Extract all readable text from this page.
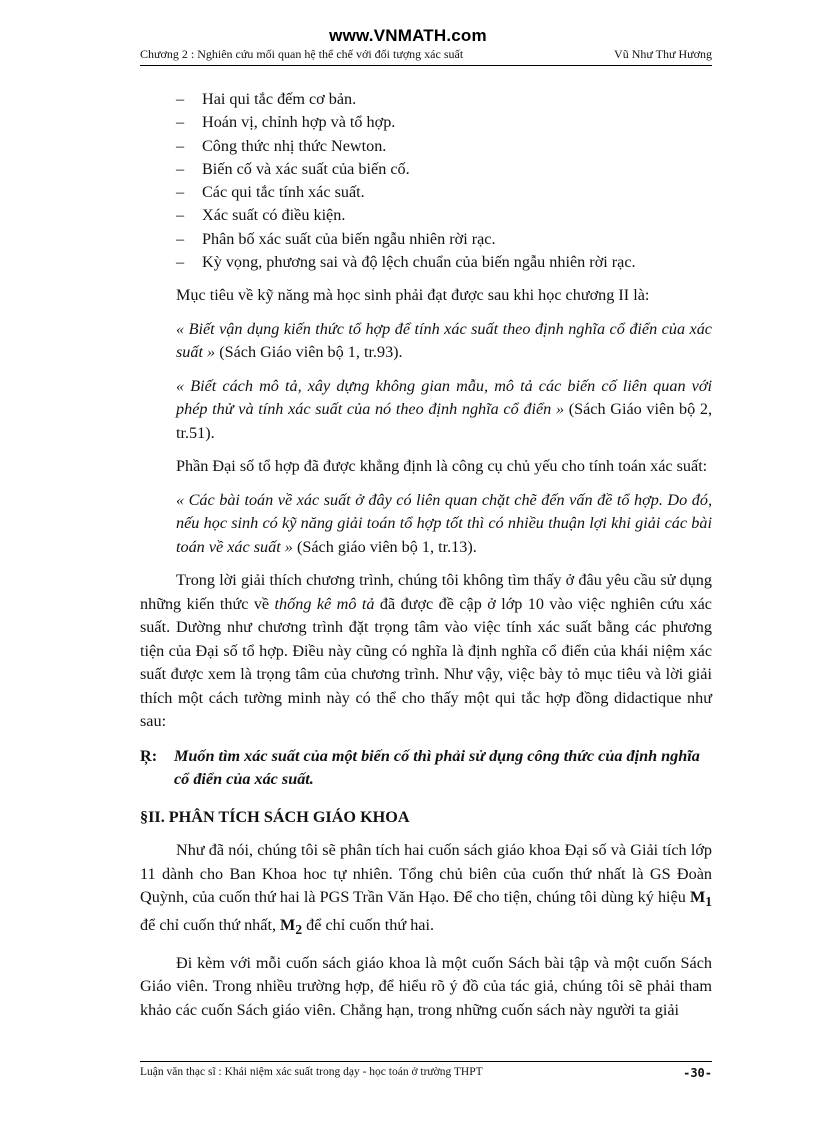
www.VNMATH.com
Chương 2 : Nghiên cứu mối quan hệ thể chế với đối tượng xác suất	Vũ Như Thư Hương
– Hai qui tắc đếm cơ bản.
– Hoán vị, chỉnh hợp và tổ hợp.
– Công thức nhị thức Newton.
– Biến cố và xác suất của biến cố.
– Các qui tắc tính xác suất.
– Xác suất có điều kiện.
– Phân bố xác suất của biến ngẫu nhiên rời rạc.
– Kỳ vọng, phương sai và độ lệch chuẩn của biến ngẫu nhiên rời rạc.

Mục tiêu về kỹ năng mà học sinh phải đạt được sau khi học chương II là:

« Biết vận dụng kiến thức tổ hợp để tính xác suất theo định nghĩa cổ điển của xác suất » (Sách Giáo viên bộ 1, tr.93).

« Biết cách mô tả, xây dựng không gian mẫu, mô tả các biến cố liên quan với phép thử và tính xác suất của nó theo định nghĩa cổ điển » (Sách Giáo viên bộ 2, tr.51).

Phần Đại số tổ hợp đã được khẳng định là công cụ chủ yếu cho tính toán xác suất:

« Các bài toán về xác suất ở đây có liên quan chặt chẽ đến vấn đề tổ hợp. Do đó, nếu học sinh có kỹ năng giải toán tổ hợp tốt thì có nhiều thuận lợi khi giải các bài toán về xác suất » (Sách giáo viên bộ 1, tr.13).

Trong lời giải thích chương trình, chúng tôi không tìm thấy ở đâu yêu cầu sử dụng những kiến thức về thống kê mô tả đã được đề cập ở lớp 10 vào việc nghiên cứu xác suất. Dường như chương trình đặt trọng tâm vào việc tính xác suất bằng các phương tiện của Đại số tổ hợp. Điều này cũng có nghĩa là định nghĩa cổ điển của khái niệm xác suất được xem là trọng tâm của chương trình. Như vậy, việc bày tỏ mục tiêu và lời giải thích một cách tường minh này có thể cho thấy một qui tắc hợp đồng didactique như sau:

Ŗ:	Muốn tìm xác suất của một biến cố thì phải sử dụng công thức của định nghĩa cổ điển của xác suất.
§II. PHÂN TÍCH SÁCH GIÁO KHOA

Như đã nói, chúng tôi sẽ phân tích hai cuốn sách giáo khoa Đại số và Giải tích lớp 11 dành cho Ban Khoa hoc tự nhiên. Tổng chủ biên của cuốn thứ nhất là GS Đoàn Quỳnh, của cuốn thứ hai là PGS Trần Văn Hạo. Để cho tiện, chúng tôi dùng ký hiệu $M_1$ để chỉ cuốn thứ nhất, $M_2$ để chỉ cuốn thứ hai.

Đi kèm với mỗi cuốn sách giáo khoa là một cuốn Sách bài tập và một cuốn Sách Giáo viên. Trong nhiều trường hợp, để hiểu rõ ý đồ của tác giả, chúng tôi sẽ phải tham khảo các cuốn Sách giáo viên. Chẳng hạn, trong những cuốn sách này người ta giải

Luận văn thạc sĩ : Khái niệm xác suất trong dạy - học toán ở trường THPT	-30-
